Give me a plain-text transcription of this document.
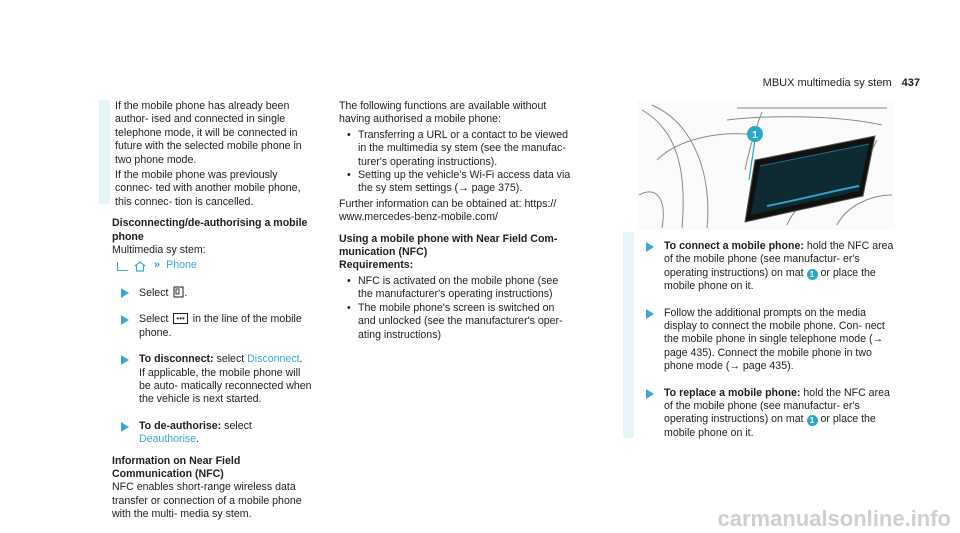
MBUX multimedia sy stem 437

If the mobile phone has already been author‐ ised and connected in single telephone mode, it will be connected in future with the selected mobile phone in two phone mode.

If the mobile phone was previously connec‐ ted with another mobile phone, this connec‐ tion is cancelled.

Disconnecting/de-authorising a mobile phone

Multimedia sy stem:

» Phone
Select .
Select ••• in the line of the mobile phone.
To disconnect: select Disconnect.

If applicable, the mobile phone will be auto‐ matically reconnected when the vehicle is next started.

To de-authorise: select Deauthorise.

Information on Near Field Communication (NFC)

NFC enables short-range wireless data transfer or connection of a mobile phone with the multi‐ media sy stem.

The following functions are available without having authorised a mobile phone:

• Transferring a URL or a contact to be viewed in the multimedia sy stem (see the manufac‐ turer's operating instructions).
• Setting up the vehicle's Wi-Fi access data via the sy stem settings (→ page 375).

Further information can be obtained at: https:// www.mercedes-benz-mobile.com/

Using a mobile phone with Near Field Com‐ munication (NFC)

Requirements:

• NFC is activated on the mobile phone (see the manufacturer's operating instructions)
• The mobile phone's screen is switched on and unlocked (see the manufacturer's oper‐ ating instructions)
1
To connect a mobile phone: hold the NFC area of the mobile phone (see manufactur‐ er's operating instructions) on mat 1 or place the mobile phone on it.
Follow the additional prompts on the media display to connect the mobile phone. Con‐ nect the mobile phone in single telephone mode (→ page 435). Connect the mobile phone in two phone mode (→ page 435).
To replace a mobile phone: hold the NFC area of the mobile phone (see manufactur‐ er's operating instructions) on mat 1 or place the mobile phone on it.
carmanualsonline.info
